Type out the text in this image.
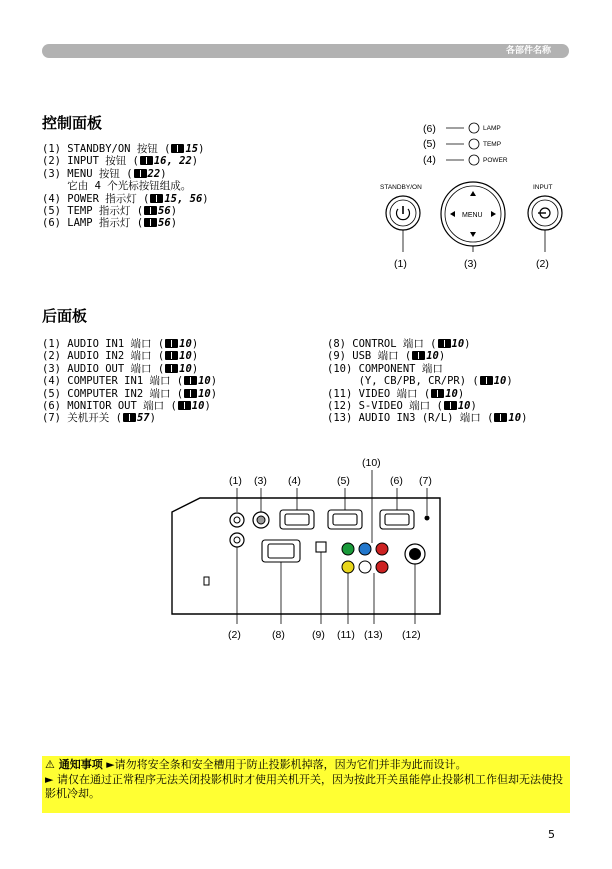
各部件名称
控制面板
(1) STANDBY/ON 按钮 ( 15)
(2) INPUT 按钮 ( 16, 22)
(3) MENU 按钮 ( 22)
它由 4 个光标按钮组成。
(4) POWER 指示灯 ( 15, 56)
(5) TEMP 指示灯 ( 56)
(6) LAMP 指示灯 ( 56)
(6)
(5)
(4)
LAMP
TEMP
POWER
STANDBY/ON	INPUT
MENU
(1)	(3)	(2)
后面板
(1) AUDIO IN1 端口 ( 10)
(2) AUDIO IN2 端口 ( 10)
(3) AUDIO OUT 端口 ( 10)
(4) COMPUTER IN1 端口 ( 10)
(5) COMPUTER IN2 端口 ( 10)
(6) MONITOR OUT 端口 ( 10)
(7) 关机开关 ( 57)
(8) CONTROL 端口 ( 10)
(9) USB 端口 ( 10)
(10) COMPONENT 端口
(Y, CB/PB, CR/PR) ( 10)
(11) VIDEO 端口 ( 10)
(12) S-VIDEO 端口 ( 10)
(13) AUDIO IN3 (R/L) 端口 ( 10)
(10)
(1) (3) (4)	(5)	(6) (7)
(2)	(8)	(9) (11) (13) (12)
⚠ 通知事项 ►请勿将安全条和安全槽用于防止投影机掉落，因为它们并非为此而设计。
► 请仅在通过正常程序无法关闭投影机时才使用关机开关，因为按此开关虽能停止投影机工作但却无法使投影机冷却。
5
